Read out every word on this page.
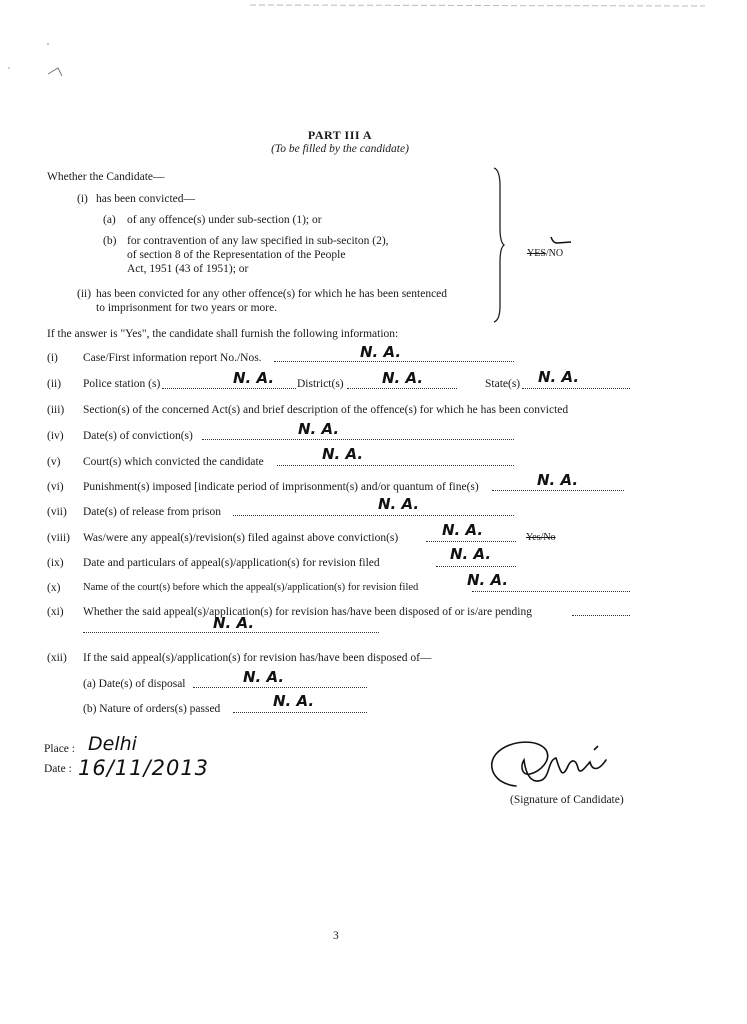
PART III A
(To be filled by the candidate)
Whether the Candidate—
(i) has been convicted—
(a) of any offence(s) under sub-section (1); or
(b) for contravention of any law specified in sub-seciton (2),
of section 8 of the Representation of the People
Act, 1951 (43 of 1951); or
(ii) has been convicted for any other offence(s) for which he has been sentenced
to imprisonment for two years or more.
YES/NO
If the answer is "Yes", the candidate shall furnish the following information:
(i) Case/First information report No./Nos.	N. A.
(ii) Police station (s)	N. A. District(s)	N. A.	State(s) N. A.
(iii) Section(s) of the concerned Act(s) and brief description of the offence(s) for which he has been convicted
(iv) Date(s) of conviction(s)	N. A.
(v) Court(s) which convicted the candidate	N. A.
(vi) Punishment(s) imposed [indicate period of imprisonment(s) and/or quantum of fine(s)	N. A.
(vii) Date(s) of release from prison	N. A.
(viii) Was/were any appeal(s)/revision(s) filed against above conviction(s)	N. A.	Yes/No
(ix) Date and particulars of appeal(s)/application(s) for revision filed	N. A.
(x) Name of the court(s) before which the appeal(s)/application(s) for revision filed	N. A.
(xi) Whether the said appeal(s)/application(s) for revision has/have been disposed of or is/are pending
N. A.
(xii) If the said appeal(s)/application(s) for revision has/have been disposed of—
(a) Date(s) of disposal	N. A.
(b) Nature of orders(s) passed	N. A.
Place : Delhi
Date : 16/11/2013
(Signature of Candidate)
3
